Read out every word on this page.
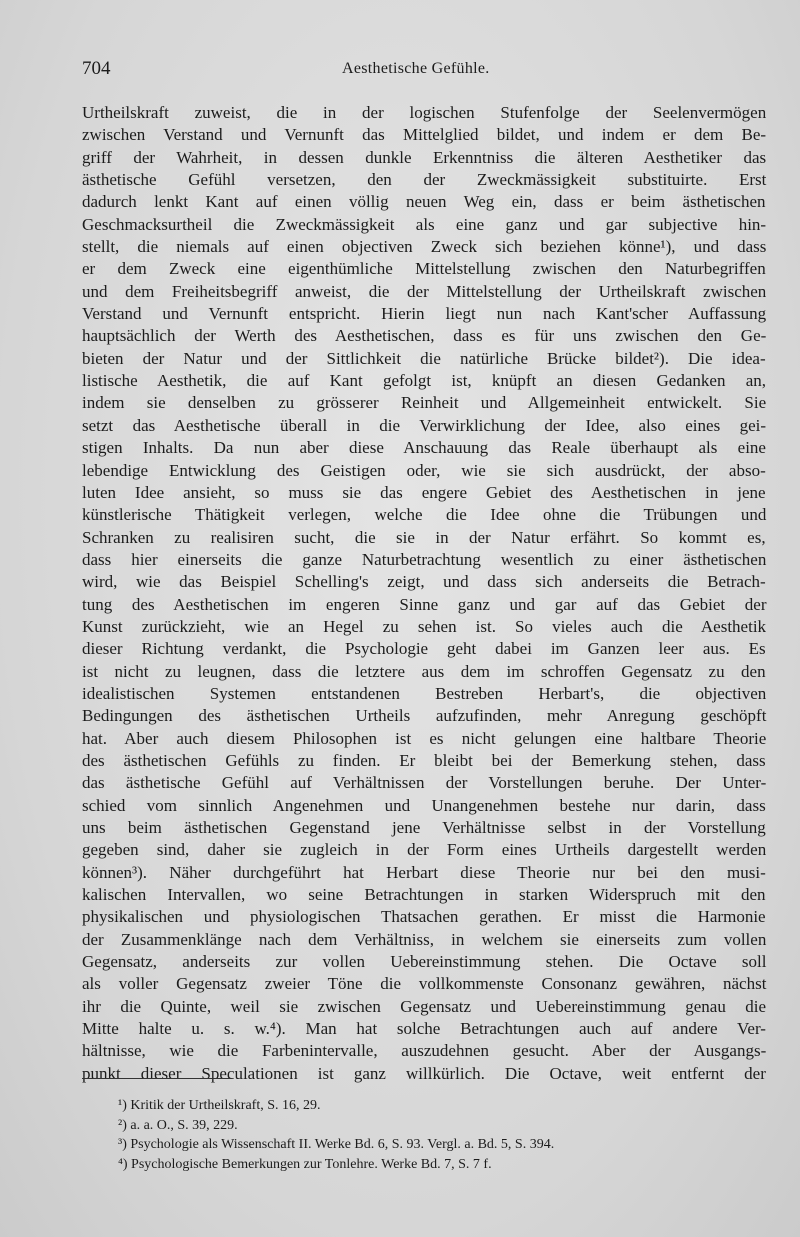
704	Aesthetische Gefühle.
Urtheilskraft zuweist, die in der logischen Stufenfolge der Seelenvermögen
zwischen Verstand und Vernunft das Mittelglied bildet, und indem er dem Be-
griff der Wahrheit, in dessen dunkle Erkenntniss die älteren Aesthetiker das
ästhetische Gefühl versetzen, den der Zweckmässigkeit substituirte. Erst
dadurch lenkt Kant auf einen völlig neuen Weg ein, dass er beim ästhetischen
Geschmacksurtheil die Zweckmässigkeit als eine ganz und gar subjective hin-
stellt, die niemals auf einen objectiven Zweck sich beziehen könne¹), und dass
er dem Zweck eine eigenthümliche Mittelstellung zwischen den Naturbegriffen
und dem Freiheitsbegriff anweist, die der Mittelstellung der Urtheilskraft zwischen
Verstand und Vernunft entspricht. Hierin liegt nun nach Kant'scher Auffassung
hauptsächlich der Werth des Aesthetischen, dass es für uns zwischen den Ge-
bieten der Natur und der Sittlichkeit die natürliche Brücke bildet²). Die idea-
listische Aesthetik, die auf Kant gefolgt ist, knüpft an diesen Gedanken an,
indem sie denselben zu grösserer Reinheit und Allgemeinheit entwickelt. Sie
setzt das Aesthetische überall in die Verwirklichung der Idee, also eines gei-
stigen Inhalts. Da nun aber diese Anschauung das Reale überhaupt als eine
lebendige Entwicklung des Geistigen oder, wie sie sich ausdrückt, der abso-
luten Idee ansieht, so muss sie das engere Gebiet des Aesthetischen in jene
künstlerische Thätigkeit verlegen, welche die Idee ohne die Trübungen und
Schranken zu realisiren sucht, die sie in der Natur erfährt. So kommt es,
dass hier einerseits die ganze Naturbetrachtung wesentlich zu einer ästhetischen
wird, wie das Beispiel Schelling's zeigt, und dass sich anderseits die Betrach-
tung des Aesthetischen im engeren Sinne ganz und gar auf das Gebiet der
Kunst zurückzieht, wie an Hegel zu sehen ist. So vieles auch die Aesthetik
dieser Richtung verdankt, die Psychologie geht dabei im Ganzen leer aus. Es
ist nicht zu leugnen, dass die letztere aus dem im schroffen Gegensatz zu den
idealistischen Systemen entstandenen Bestreben Herbart's, die objectiven
Bedingungen des ästhetischen Urtheils aufzufinden, mehr Anregung geschöpft
hat. Aber auch diesem Philosophen ist es nicht gelungen eine haltbare Theorie
des ästhetischen Gefühls zu finden. Er bleibt bei der Bemerkung stehen, dass
das ästhetische Gefühl auf Verhältnissen der Vorstellungen beruhe. Der Unter-
schied vom sinnlich Angenehmen und Unangenehmen bestehe nur darin, dass
uns beim ästhetischen Gegenstand jene Verhältnisse selbst in der Vorstellung
gegeben sind, daher sie zugleich in der Form eines Urtheils dargestellt werden
können³). Näher durchgeführt hat Herbart diese Theorie nur bei den musi-
kalischen Intervallen, wo seine Betrachtungen in starken Widerspruch mit den
physikalischen und physiologischen Thatsachen gerathen. Er misst die Harmonie
der Zusammenklänge nach dem Verhältniss, in welchem sie einerseits zum vollen
Gegensatz, anderseits zur vollen Uebereinstimmung stehen. Die Octave soll
als voller Gegensatz zweier Töne die vollkommenste Consonanz gewähren, nächst
ihr die Quinte, weil sie zwischen Gegensatz und Uebereinstimmung genau die
Mitte halte u. s. w.⁴). Man hat solche Betrachtungen auch auf andere Ver-
hältnisse, wie die Farbenintervalle, auszudehnen gesucht. Aber der Ausgangs-
punkt dieser Speculationen ist ganz willkürlich. Die Octave, weit entfernt der
¹) Kritik der Urtheilskraft, S. 16, 29.
²) a. a. O., S. 39, 229.
³) Psychologie als Wissenschaft II. Werke Bd. 6, S. 93. Vergl. a. Bd. 5, S. 394.
⁴) Psychologische Bemerkungen zur Tonlehre. Werke Bd. 7, S. 7 f.
